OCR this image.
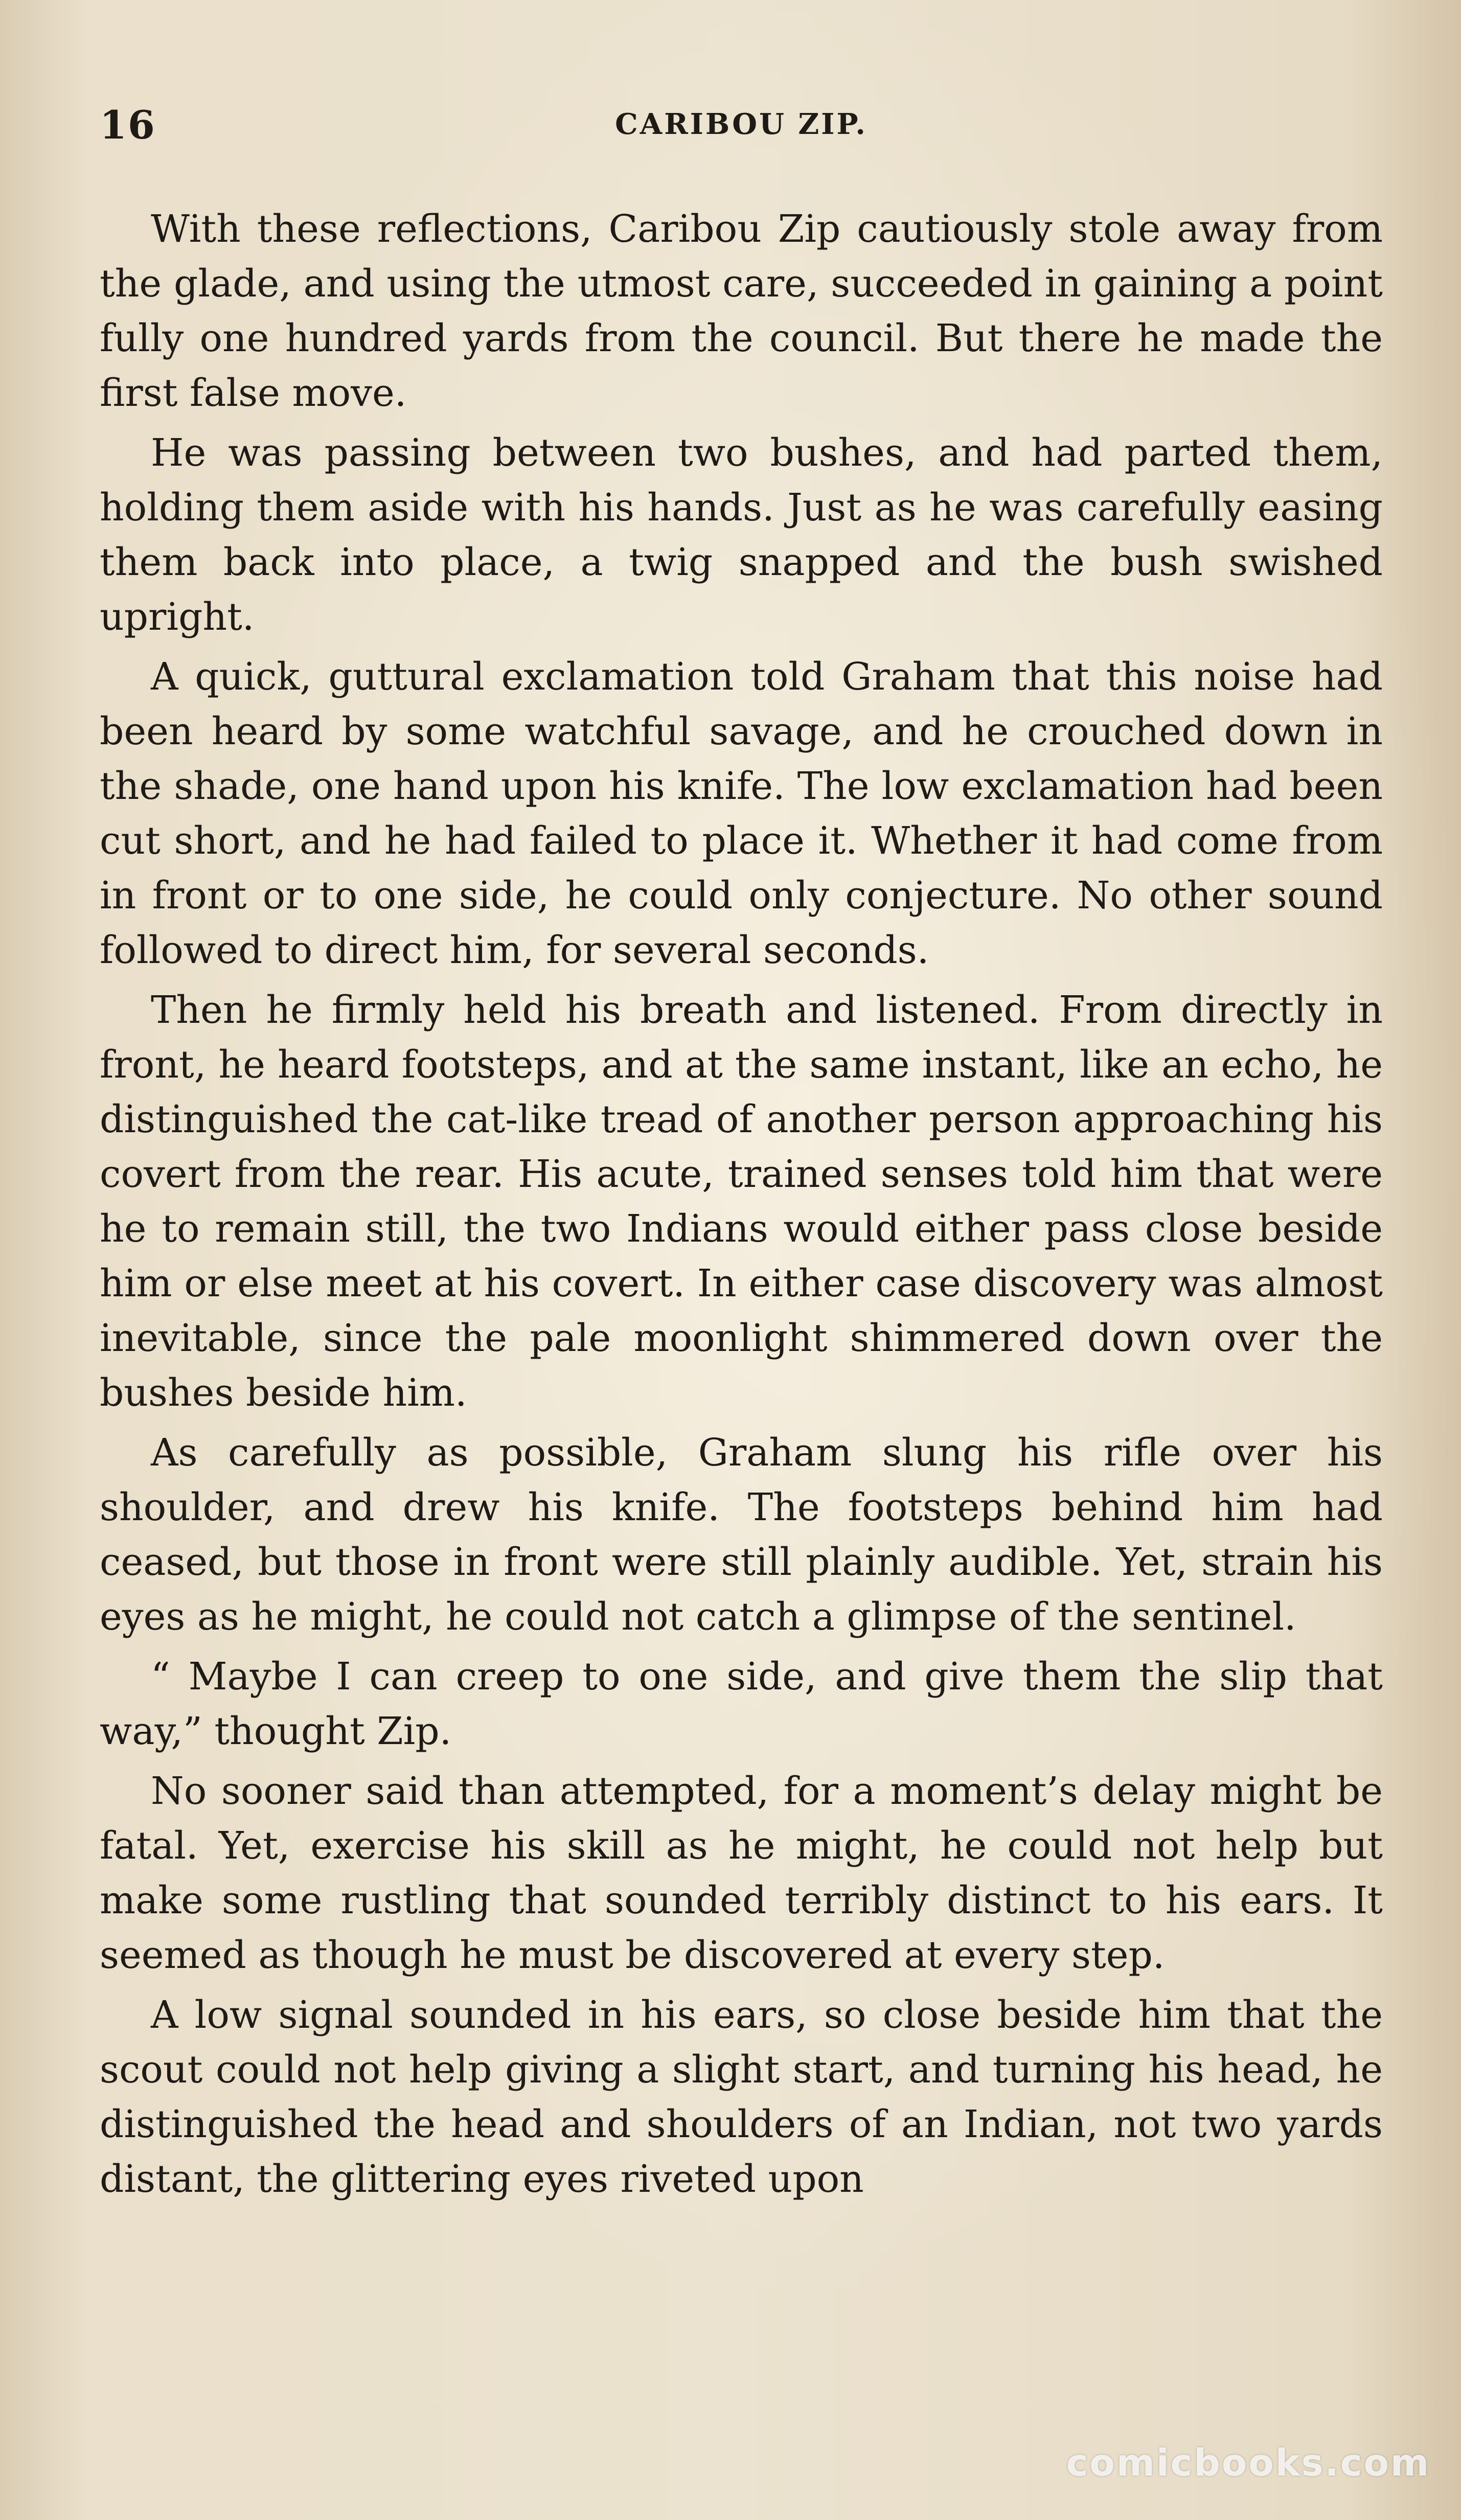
16	CARIBOU ZIP.

With these reflections, Caribou Zip cautiously stole away from the glade, and using the utmost care, succeeded in gaining a point fully one hundred yards from the council. But there he made the first false move.

He was passing between two bushes, and had parted them, holding them aside with his hands. Just as he was carefully easing them back into place, a twig snapped and the bush swished upright.

A quick, guttural exclamation told Graham that this noise had been heard by some watchful savage, and he crouched down in the shade, one hand upon his knife. The low exclamation had been cut short, and he had failed to place it. Whether it had come from in front or to one side, he could only conjecture. No other sound followed to direct him, for several seconds.

Then he firmly held his breath and listened. From directly in front, he heard footsteps, and at the same instant, like an echo, he distinguished the cat-like tread of another person approaching his covert from the rear. His acute, trained senses told him that were he to remain still, the two Indians would either pass close beside him or else meet at his covert. In either case discovery was almost inevitable, since the pale moonlight shimmered down over the bushes beside him.

As carefully as possible, Graham slung his rifle over his shoulder, and drew his knife. The footsteps behind him had ceased, but those in front were still plainly audible. Yet, strain his eyes as he might, he could not catch a glimpse of the sentinel.

“ Maybe I can creep to one side, and give them the slip that way,” thought Zip.

No sooner said than attempted, for a moment’s delay might be fatal. Yet, exercise his skill as he might, he could not help but make some rustling that sounded terribly distinct to his ears. It seemed as though he must be discovered at every step.

A low signal sounded in his ears, so close beside him that the scout could not help giving a slight start, and turning his head, he distinguished the head and shoulders of an Indian, not two yards distant, the glittering eyes riveted upon

comicbooks.com
